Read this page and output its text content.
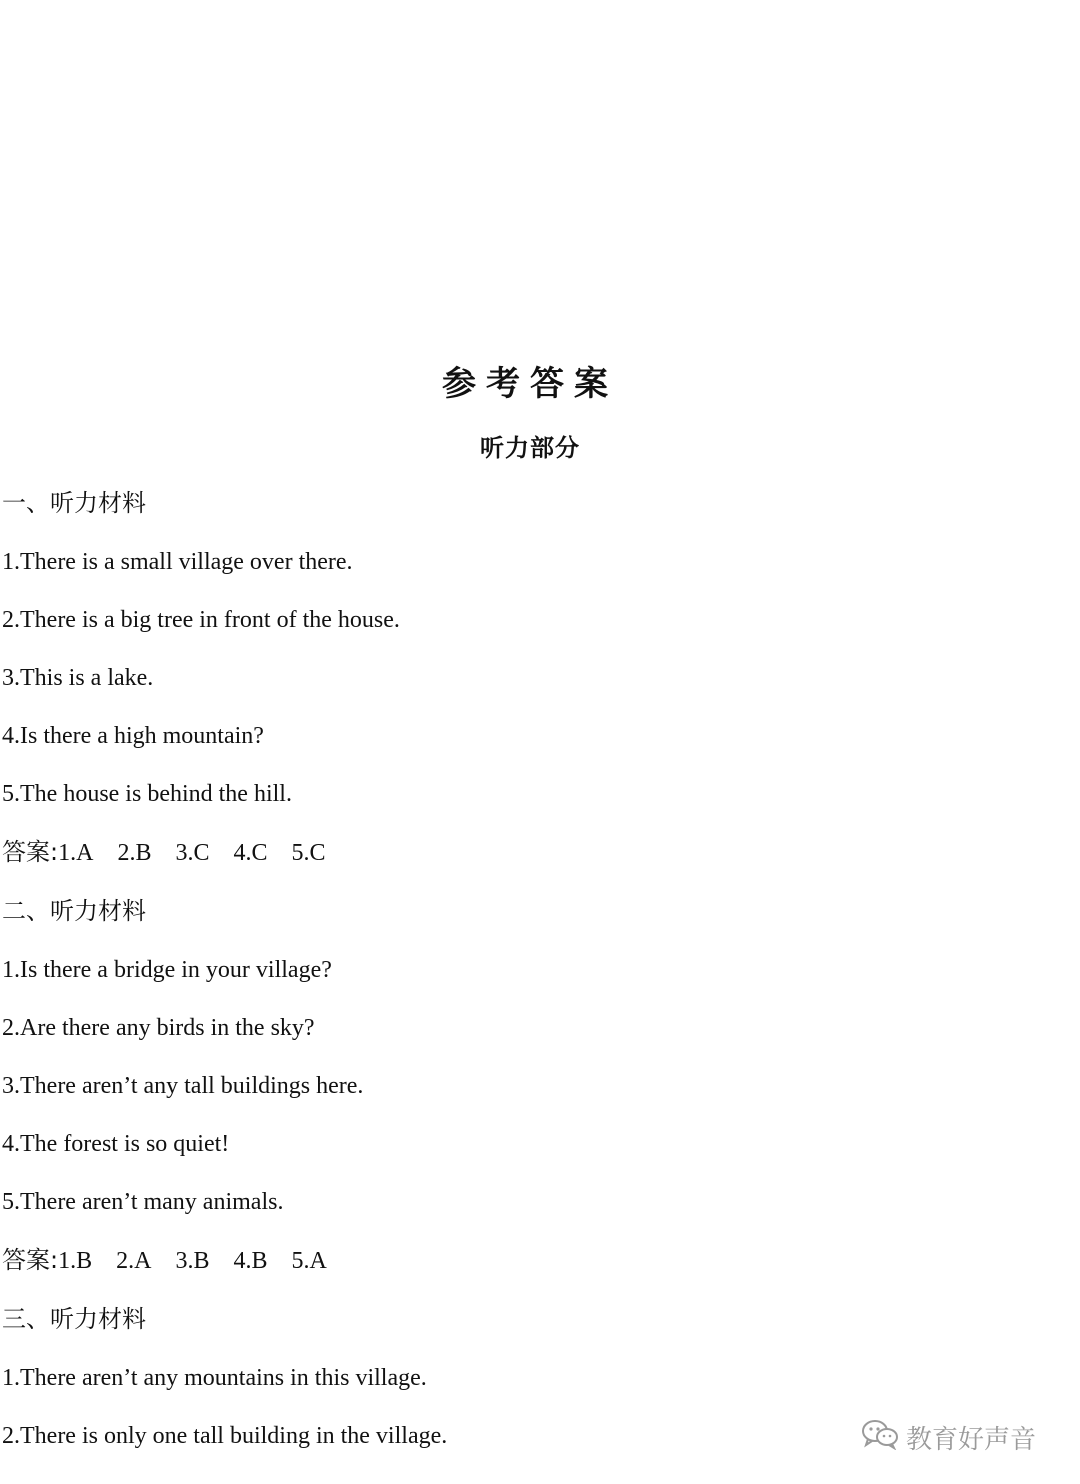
参考答案
听力部分
一、听力材料
1.There is a small village over there.
2.There is a big tree in front of the house.
3.This is a lake.
4.Is there a high mountain?
5.The house is behind the hill.
答案:1.A 2.B 3.C 4.C 5.C
二、听力材料
1.Is there a bridge in your village?
2.Are there any birds in the sky?
3.There aren’t any tall buildings here.
4.The forest is so quiet!
5.There aren’t many animals.
答案:1.B 2.A 3.B 4.B 5.A
三、听力材料
1.There aren’t any mountains in this village.
2.There is only one tall building in the village.	教育好声音
